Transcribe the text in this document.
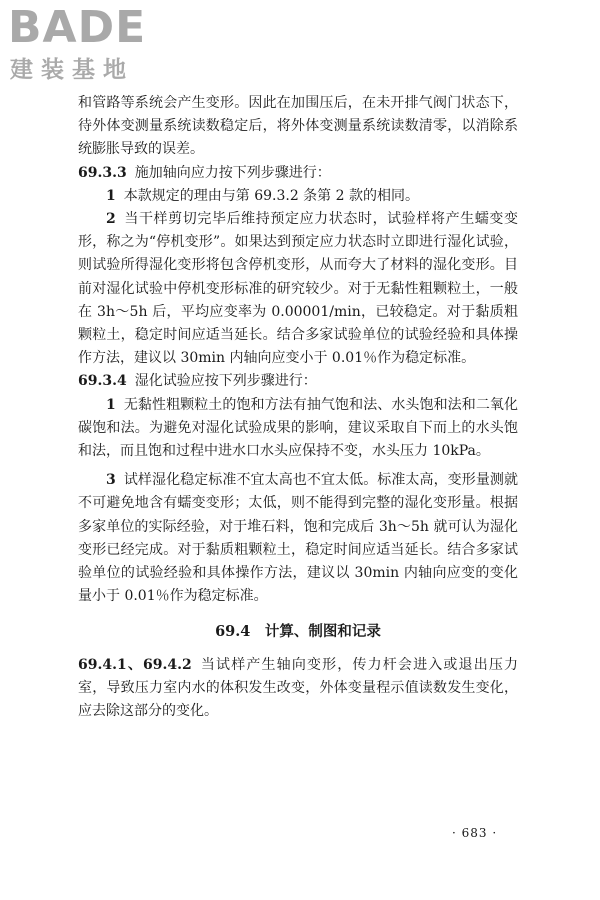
BADE
建装基地

和管路等系统会产生变形。因此在加围压后，在未开排气阀门状态下，待外体变测量系统读数稳定后，将外体变测量系统读数清零，以消除系统膨胀导致的误差。

69.3.3 施加轴向应力按下列步骤进行：

1 本款规定的理由与第 69.3.2 条第 2 款的相同。

2 当干样剪切完毕后维持预定应力状态时，试验样将产生蠕变变形，称之为“停机变形”。如果达到预定应力状态时立即进行湿化试验，则试验所得湿化变形将包含停机变形，从而夸大了材料的湿化变形。目前对湿化试验中停机变形标准的研究较少。对于无黏性粗颗粒土，一般在 3h～5h 后，平均应变率为 0.00001/min，已较稳定。对于黏质粗颗粒土，稳定时间应适当延长。结合多家试验单位的试验经验和具体操作方法，建议以 30min 内轴向应变小于 0.01％作为稳定标准。

69.3.4 湿化试验应按下列步骤进行：

1 无黏性粗颗粒土的饱和方法有抽气饱和法、水头饱和法和二氧化碳饱和法。为避免对湿化试验成果的影响，建议采取自下而上的水头饱和法，而且饱和过程中进水口水头应保持不变，水头压力 10kPa。

3 试样湿化稳定标准不宜太高也不宜太低。标准太高，变形量测就不可避免地含有蠕变变形；太低，则不能得到完整的湿化变形量。根据多家单位的实际经验，对于堆石料，饱和完成后 3h～5h 就可认为湿化变形已经完成。对于黏质粗颗粒土，稳定时间应适当延长。结合多家试验单位的试验经验和具体操作方法，建议以 30min 内轴向应变的变化量小于 0.01％作为稳定标准。

69.4　计算、制图和记录

69.4.1、69.4.2 当试样产生轴向变形，传力杆会进入或退出压力室，导致压力室内水的体积发生改变，外体变量程示值读数发生变化，应去除这部分的变化。

· 683 ·
